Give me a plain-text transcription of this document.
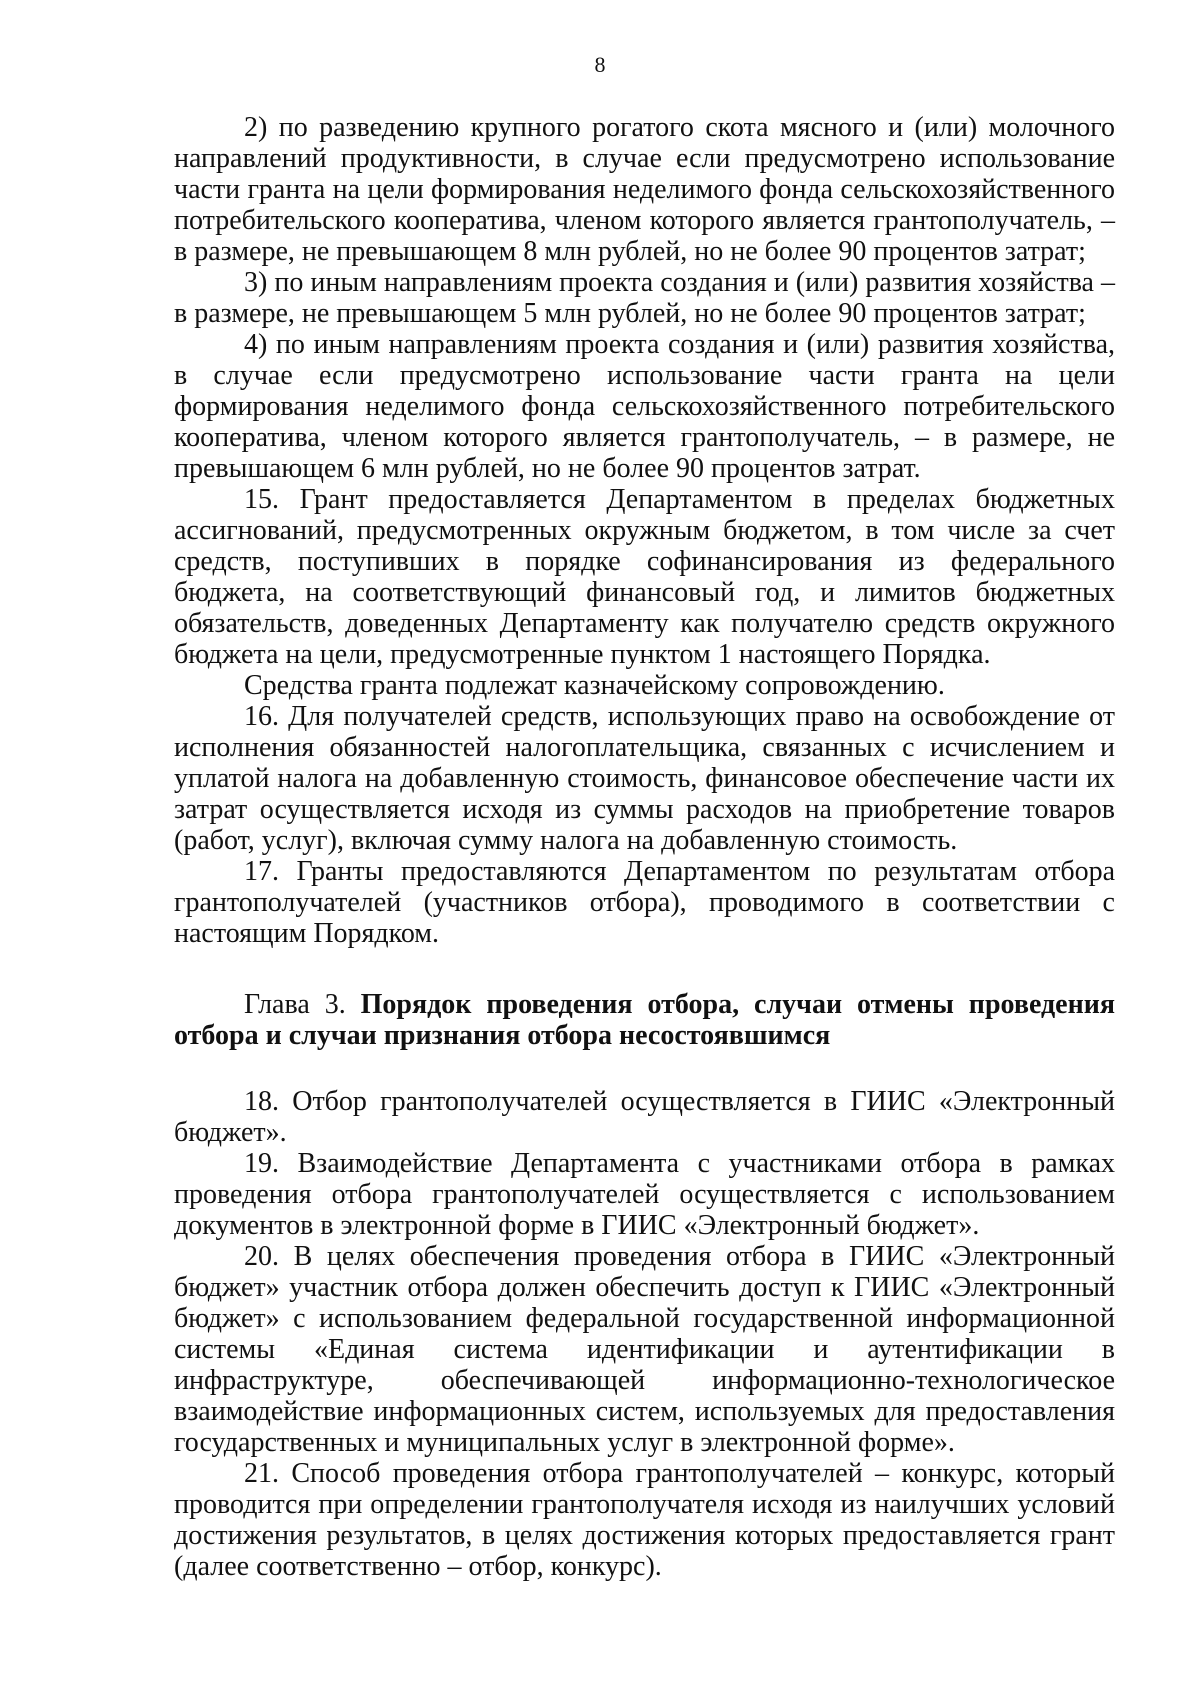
8

2) по разведению крупного рогатого скота мясного и (или) молочного направлений продуктивности, в случае если предусмотрено использование части гранта на цели формирования неделимого фонда сельскохозяйственного потребительского кооператива, членом которого является грантополучатель, – в размере, не превышающем 8 млн рублей, но не более 90 процентов затрат;

3) по иным направлениям проекта создания и (или) развития хозяйства – в размере, не превышающем 5 млн рублей, но не более 90 процентов затрат;

4) по иным направлениям проекта создания и (или) развития хозяйства, в случае если предусмотрено использование части гранта на цели формирования неделимого фонда сельскохозяйственного потребительского кооператива, членом которого является грантополучатель, – в размере, не превышающем 6 млн рублей, но не более 90 процентов затрат.

15. Грант предоставляется Департаментом в пределах бюджетных ассигнований, предусмотренных окружным бюджетом, в том числе за счет средств, поступивших в порядке софинансирования из федерального бюджета, на соответствующий финансовый год, и лимитов бюджетных обязательств, доведенных Департаменту как получателю средств окружного бюджета на цели, предусмотренные пунктом 1 настоящего Порядка.

Средства гранта подлежат казначейскому сопровождению.

16. Для получателей средств, использующих право на освобождение от исполнения обязанностей налогоплательщика, связанных с исчислением и уплатой налога на добавленную стоимость, финансовое обеспечение части их затрат осуществляется исходя из суммы расходов на приобретение товаров (работ, услуг), включая сумму налога на добавленную стоимость.

17. Гранты предоставляются Департаментом по результатам отбора грантополучателей (участников отбора), проводимого в соответствии с настоящим Порядком.

Глава 3. Порядок проведения отбора, случаи отмены проведения отбора и случаи признания отбора несостоявшимся

18. Отбор грантополучателей осуществляется в ГИИС «Электронный бюджет».

19. Взаимодействие Департамента с участниками отбора в рамках проведения отбора грантополучателей осуществляется с использованием документов в электронной форме в ГИИС «Электронный бюджет».

20. В целях обеспечения проведения отбора в ГИИС «Электронный бюджет» участник отбора должен обеспечить доступ к ГИИС «Электронный бюджет» с использованием федеральной государственной информационной системы «Единая система идентификации и аутентификации в инфраструктуре, обеспечивающей информационно-технологическое взаимодействие информационных систем, используемых для предоставления государственных и муниципальных услуг в электронной форме».

21. Способ проведения отбора грантополучателей – конкурс, который проводится при определении грантополучателя исходя из наилучших условий достижения результатов, в целях достижения которых предоставляется грант (далее соответственно – отбор, конкурс).
